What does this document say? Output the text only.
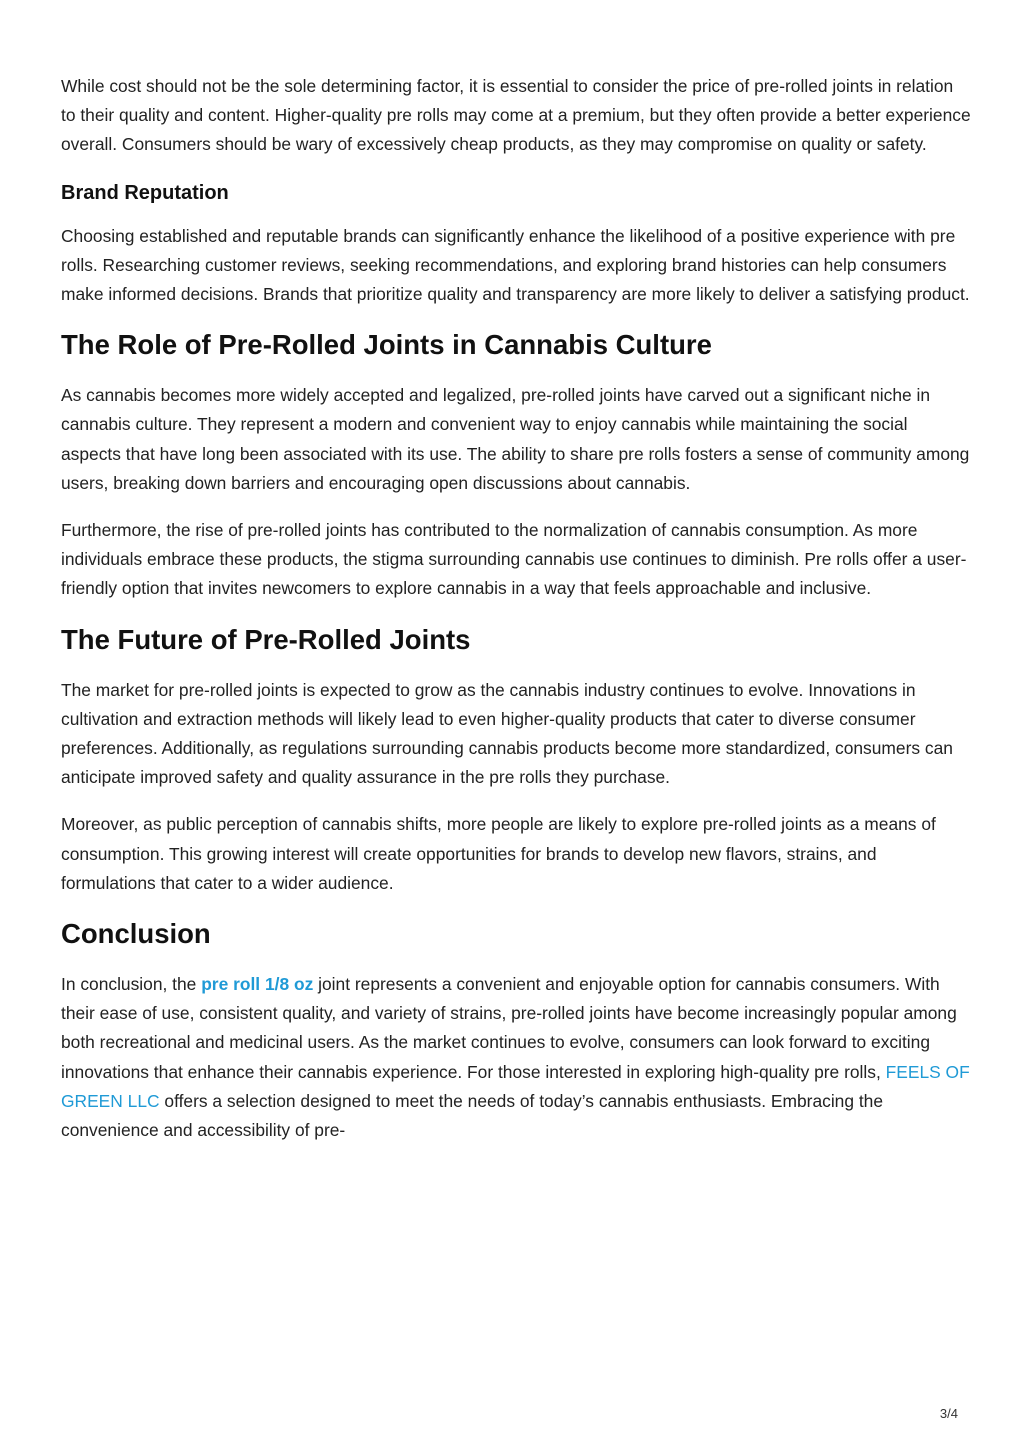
While cost should not be the sole determining factor, it is essential to consider the price of pre-rolled joints in relation to their quality and content. Higher-quality pre rolls may come at a premium, but they often provide a better experience overall. Consumers should be wary of excessively cheap products, as they may compromise on quality or safety.

Brand Reputation

Choosing established and reputable brands can significantly enhance the likelihood of a positive experience with pre rolls. Researching customer reviews, seeking recommendations, and exploring brand histories can help consumers make informed decisions. Brands that prioritize quality and transparency are more likely to deliver a satisfying product.

The Role of Pre-Rolled Joints in Cannabis Culture

As cannabis becomes more widely accepted and legalized, pre-rolled joints have carved out a significant niche in cannabis culture. They represent a modern and convenient way to enjoy cannabis while maintaining the social aspects that have long been associated with its use. The ability to share pre rolls fosters a sense of community among users, breaking down barriers and encouraging open discussions about cannabis.

Furthermore, the rise of pre-rolled joints has contributed to the normalization of cannabis consumption. As more individuals embrace these products, the stigma surrounding cannabis use continues to diminish. Pre rolls offer a user-friendly option that invites newcomers to explore cannabis in a way that feels approachable and inclusive.

The Future of Pre-Rolled Joints

The market for pre-rolled joints is expected to grow as the cannabis industry continues to evolve. Innovations in cultivation and extraction methods will likely lead to even higher-quality products that cater to diverse consumer preferences. Additionally, as regulations surrounding cannabis products become more standardized, consumers can anticipate improved safety and quality assurance in the pre rolls they purchase.

Moreover, as public perception of cannabis shifts, more people are likely to explore pre-rolled joints as a means of consumption. This growing interest will create opportunities for brands to develop new flavors, strains, and formulations that cater to a wider audience.

Conclusion

In conclusion, the pre roll 1/8 oz joint represents a convenient and enjoyable option for cannabis consumers. With their ease of use, consistent quality, and variety of strains, pre-rolled joints have become increasingly popular among both recreational and medicinal users. As the market continues to evolve, consumers can look forward to exciting innovations that enhance their cannabis experience. For those interested in exploring high-quality pre rolls, FEELS OF GREEN LLC offers a selection designed to meet the needs of today’s cannabis enthusiasts. Embracing the convenience and accessibility of pre-

3/4
